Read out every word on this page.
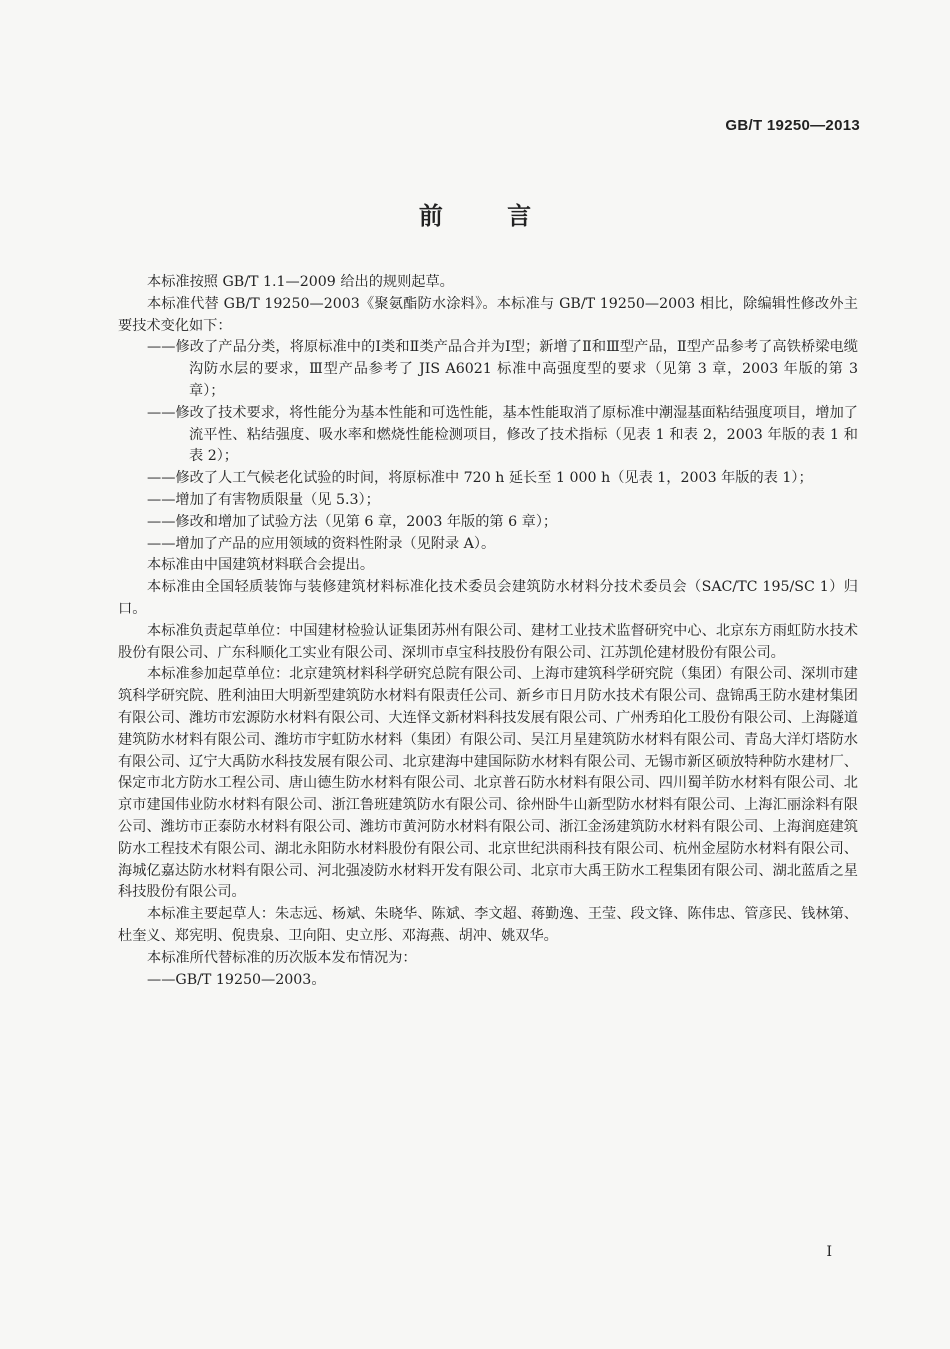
GB/T 19250—2013
前 言

本标准按照 GB/T 1.1—2009 给出的规则起草。

本标准代替 GB/T 19250—2003《聚氨酯防水涂料》。本标准与 GB/T 19250—2003 相比，除编辑性修改外主要技术变化如下：

——修改了产品分类，将原标准中的Ⅰ类和Ⅱ类产品合并为Ⅰ型；新增了Ⅱ和Ⅲ型产品，Ⅱ型产品参考了高铁桥梁电缆沟防水层的要求，Ⅲ型产品参考了 JIS A6021 标准中高强度型的要求（见第 3 章，2003 年版的第 3 章）；

——修改了技术要求，将性能分为基本性能和可选性能，基本性能取消了原标准中潮湿基面粘结强度项目，增加了流平性、粘结强度、吸水率和燃烧性能检测项目，修改了技术指标（见表 1 和表 2，2003 年版的表 1 和表 2）；

——修改了人工气候老化试验的时间，将原标准中 720 h 延长至 1 000 h（见表 1，2003 年版的表 1）；

——增加了有害物质限量（见 5.3）；

——修改和增加了试验方法（见第 6 章，2003 年版的第 6 章）；

——增加了产品的应用领域的资料性附录（见附录 A）。

本标准由中国建筑材料联合会提出。

本标准由全国轻质装饰与装修建筑材料标准化技术委员会建筑防水材料分技术委员会（SAC/TC 195/SC 1）归口。

本标准负责起草单位：中国建材检验认证集团苏州有限公司、建材工业技术监督研究中心、北京东方雨虹防水技术股份有限公司、广东科顺化工实业有限公司、深圳市卓宝科技股份有限公司、江苏凯伦建材股份有限公司。

本标准参加起草单位：北京建筑材料科学研究总院有限公司、上海市建筑科学研究院（集团）有限公司、深圳市建筑科学研究院、胜利油田大明新型建筑防水材料有限责任公司、新乡市日月防水技术有限公司、盘锦禹王防水建材集团有限公司、潍坊市宏源防水材料有限公司、大连怿文新材料科技发展有限公司、广州秀珀化工股份有限公司、上海隧道建筑防水材料有限公司、潍坊市宇虹防水材料（集团）有限公司、吴江月星建筑防水材料有限公司、青岛大洋灯塔防水有限公司、辽宁大禹防水科技发展有限公司、北京建海中建国际防水材料有限公司、无锡市新区硕放特种防水建材厂、保定市北方防水工程公司、唐山德生防水材料有限公司、北京普石防水材料有限公司、四川蜀羊防水材料有限公司、北京市建国伟业防水材料有限公司、浙江鲁班建筑防水有限公司、徐州卧牛山新型防水材料有限公司、上海汇丽涂料有限公司、潍坊市正泰防水材料有限公司、潍坊市黄河防水材料有限公司、浙江金汤建筑防水材料有限公司、上海润庭建筑防水工程技术有限公司、湖北永阳防水材料股份有限公司、北京世纪洪雨科技有限公司、杭州金屋防水材料有限公司、海城亿嘉达防水材料有限公司、河北强凌防水材料开发有限公司、北京市大禹王防水工程集团有限公司、湖北蓝盾之星科技股份有限公司。

本标准主要起草人：朱志远、杨斌、朱晓华、陈斌、李文超、蒋勤逸、王莹、段文锋、陈伟忠、管彦民、钱林第、杜奎义、郑宪明、倪贵泉、卫向阳、史立彤、邓海燕、胡冲、姚双华。

本标准所代替标准的历次版本发布情况为：

——GB/T 19250—2003。

I
